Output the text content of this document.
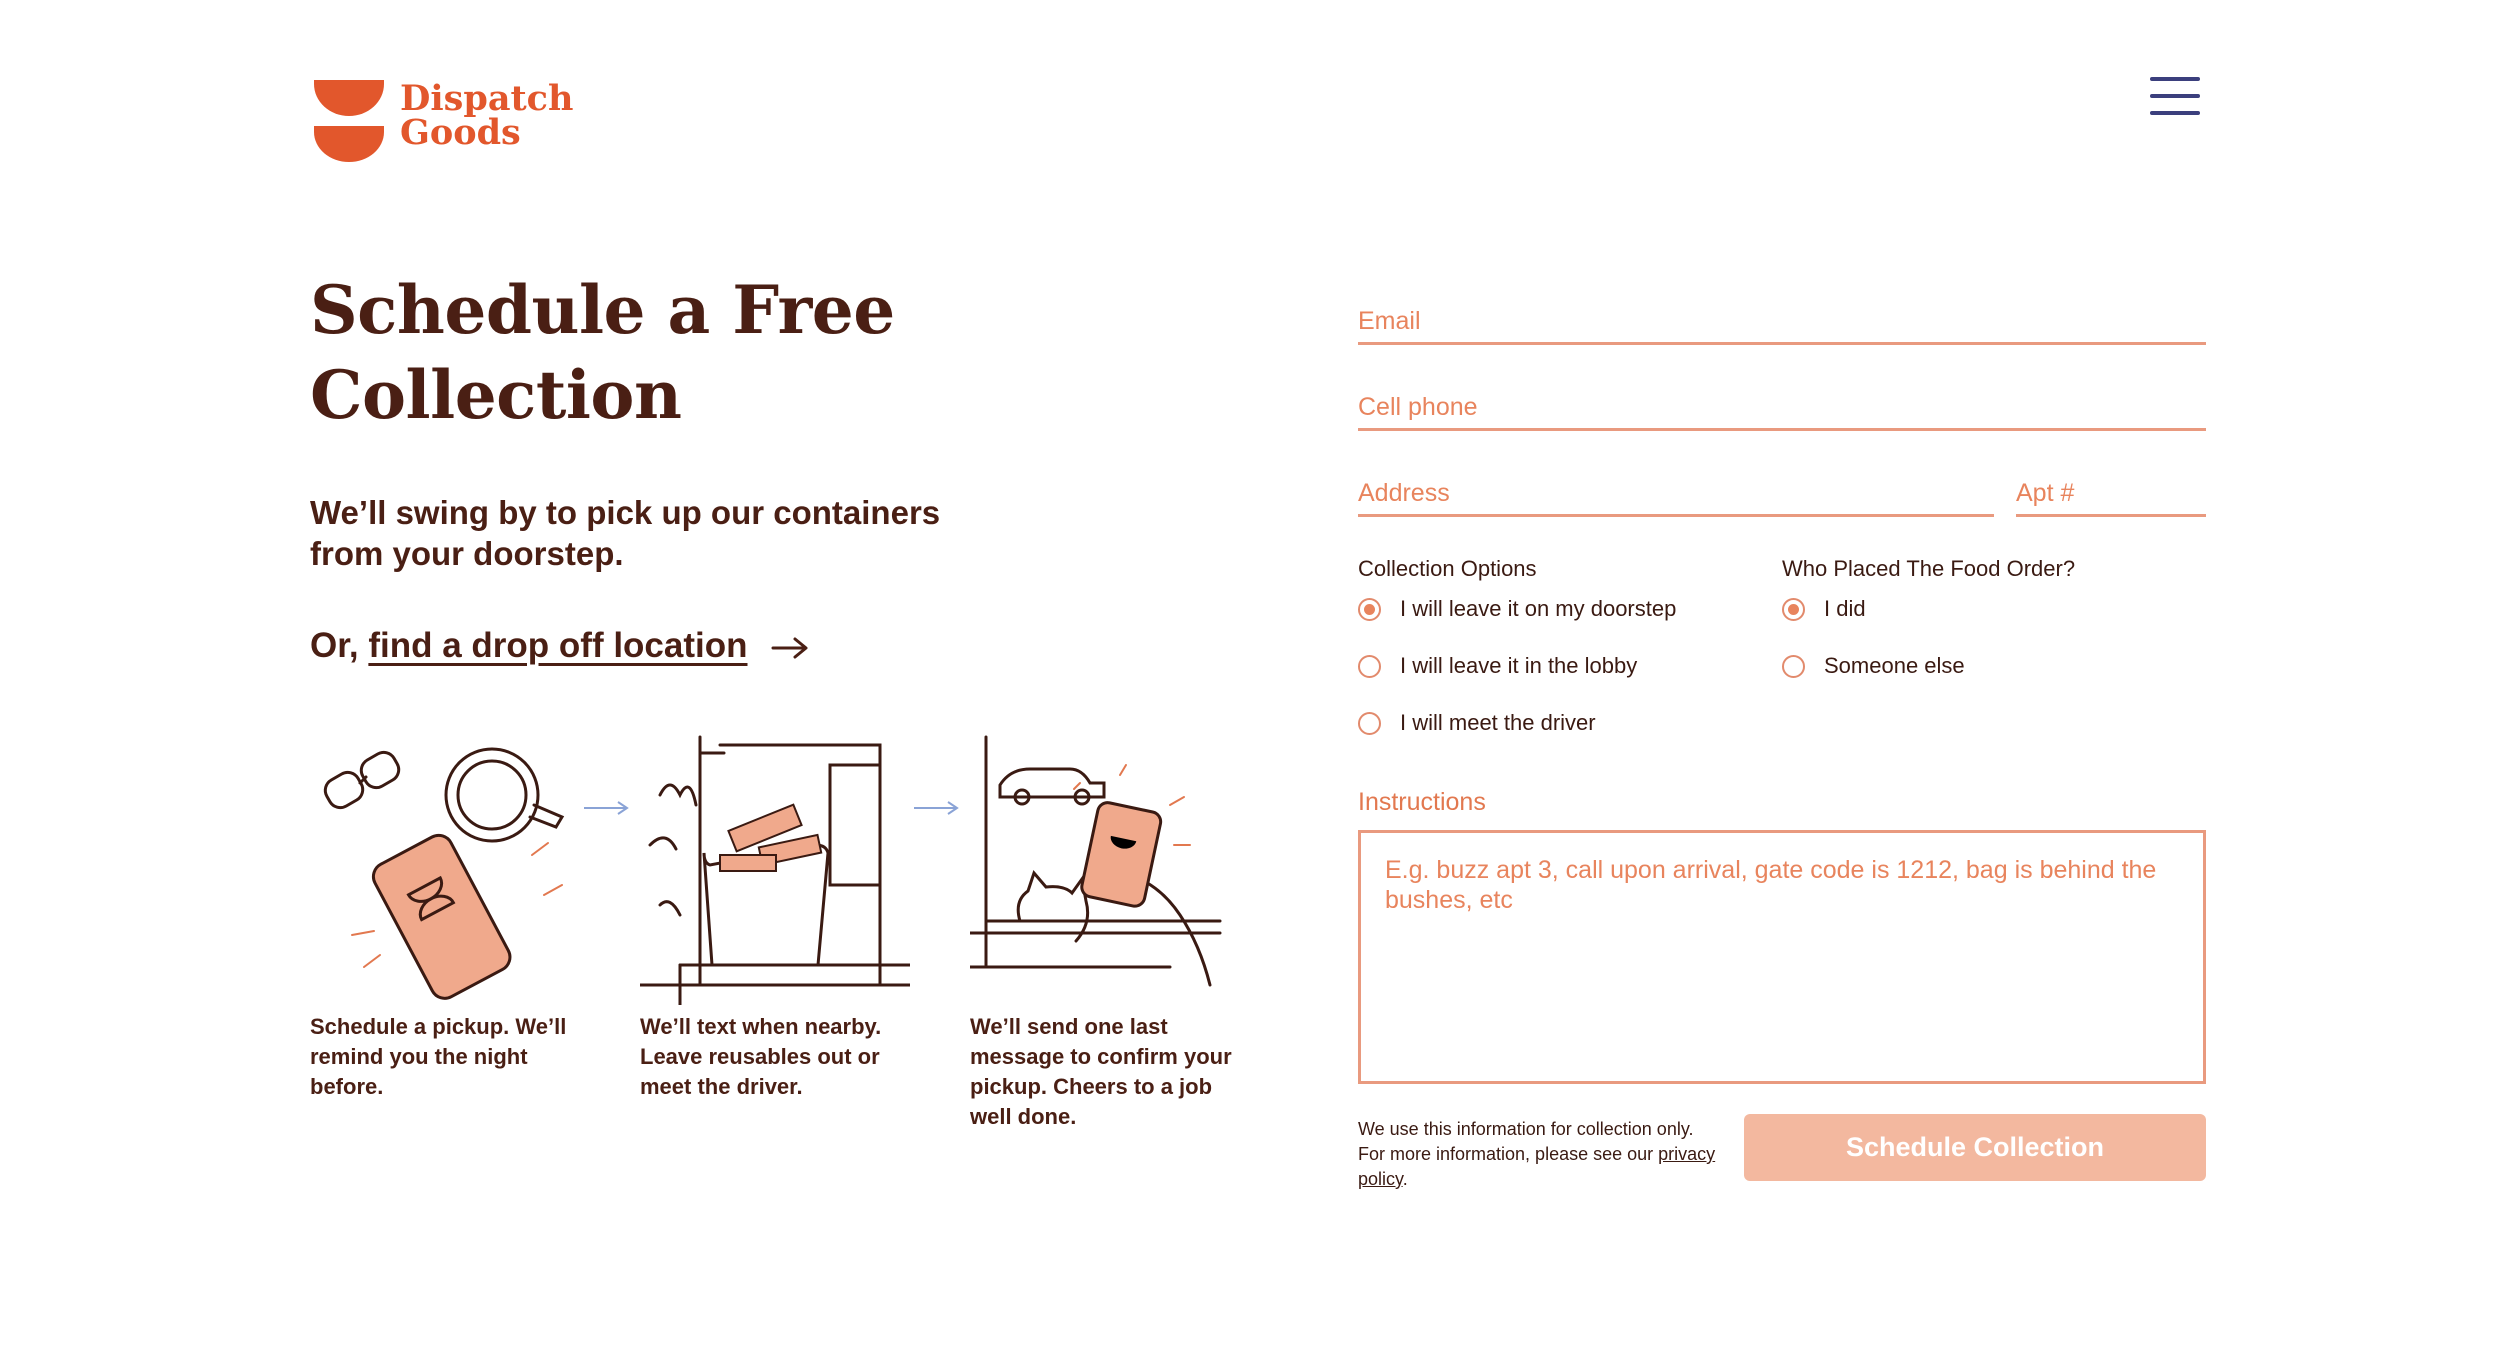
Dispatch
Goods
Schedule a Free
Collection
We’ll swing by to pick up our containers from your doorstep.
Or, find a drop off location
Schedule a pickup. We’ll remind you the night before.
We’ll text when nearby. Leave reusables out or meet the driver.
We’ll send one last message to confirm your pickup. Cheers to a job well done.
Email
Cell phone
Address
Apt #
Collection Options
I will leave it on my doorstep
I will leave it in the lobby
I will meet the driver
Who Placed The Food Order?
I did
Someone else
Instructions
E.g. buzz apt 3, call upon arrival, gate code is 1212, bag is behind the bushes, etc
We use this information for collection only. For more information, please see our privacy policy.
Schedule Collection
